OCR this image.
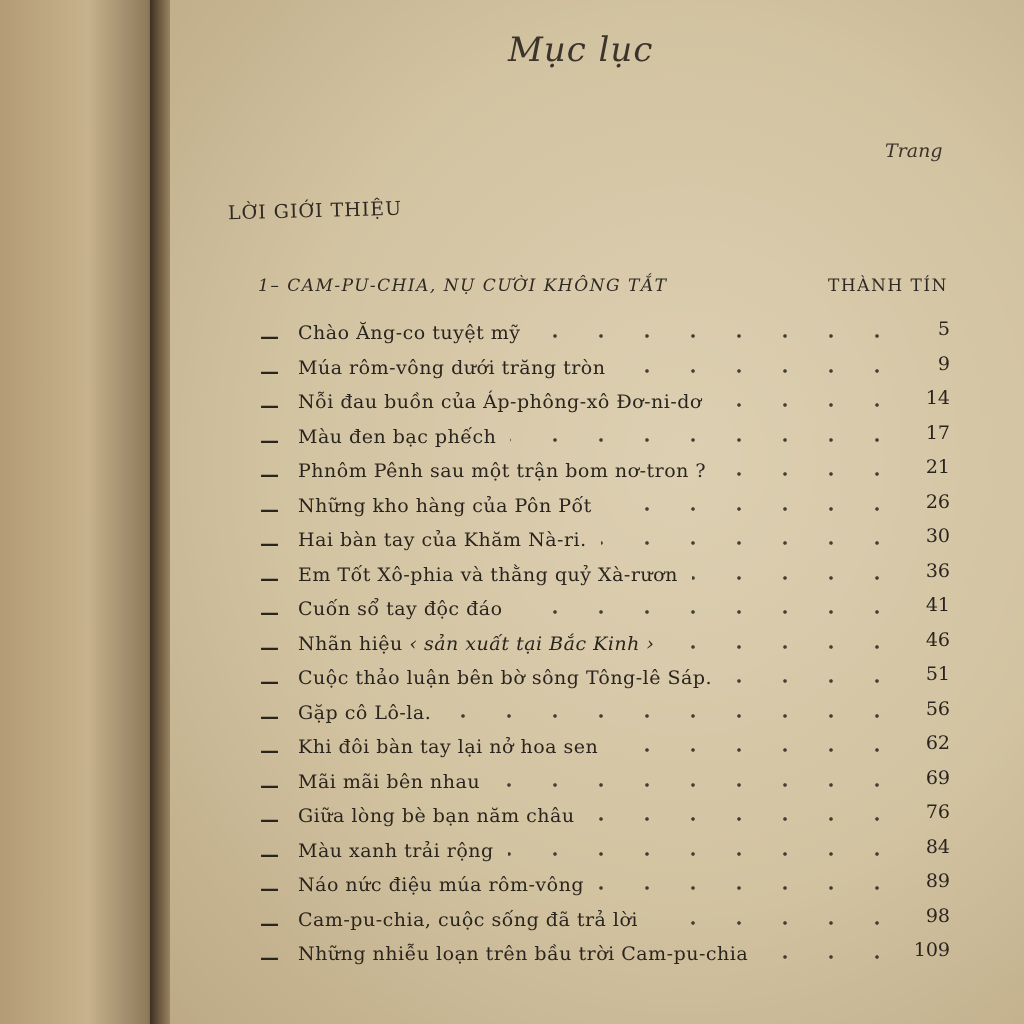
Mục lục
Trang
LỜI GIỚI THIỆU
1– CAM-PU-CHIA, NỤ CƯỜI KHÔNG TẮT	THÀNH TÍN
— Chào Ăng-co tuyệt mỹ	5
— Múa rôm-vông dưới trăng tròn	9
— Nỗi đau buồn của Áp-phông-xô Đơ-ni-dơ	14
— Màu đen bạc phếch	17
— Phnôm Pênh sau một trận bom nơ-tron ?	21
— Những kho hàng của Pôn Pốt	26
— Hai bàn tay của Khăm Nà-ri.	30
— Em Tốt Xô-phia và thằng quỷ Xà-rươn	36
— Cuốn sổ tay độc đáo	41
— Nhãn hiệu ‹ sản xuất tại Bắc Kinh ›	46
— Cuộc thảo luận bên bờ sông Tông-lê Sáp.	51
— Gặp cô Lô-la.	56
— Khi đôi bàn tay lại nở hoa sen	62
— Mãi mãi bên nhau	69
— Giữa lòng bè bạn năm châu	76
— Màu xanh trải rộng	84
— Náo nức điệu múa rôm-vông	89
— Cam-pu-chia, cuộc sống đã trả lời	98
— Những nhiễu loạn trên bầu trời Cam-pu-chia	109
